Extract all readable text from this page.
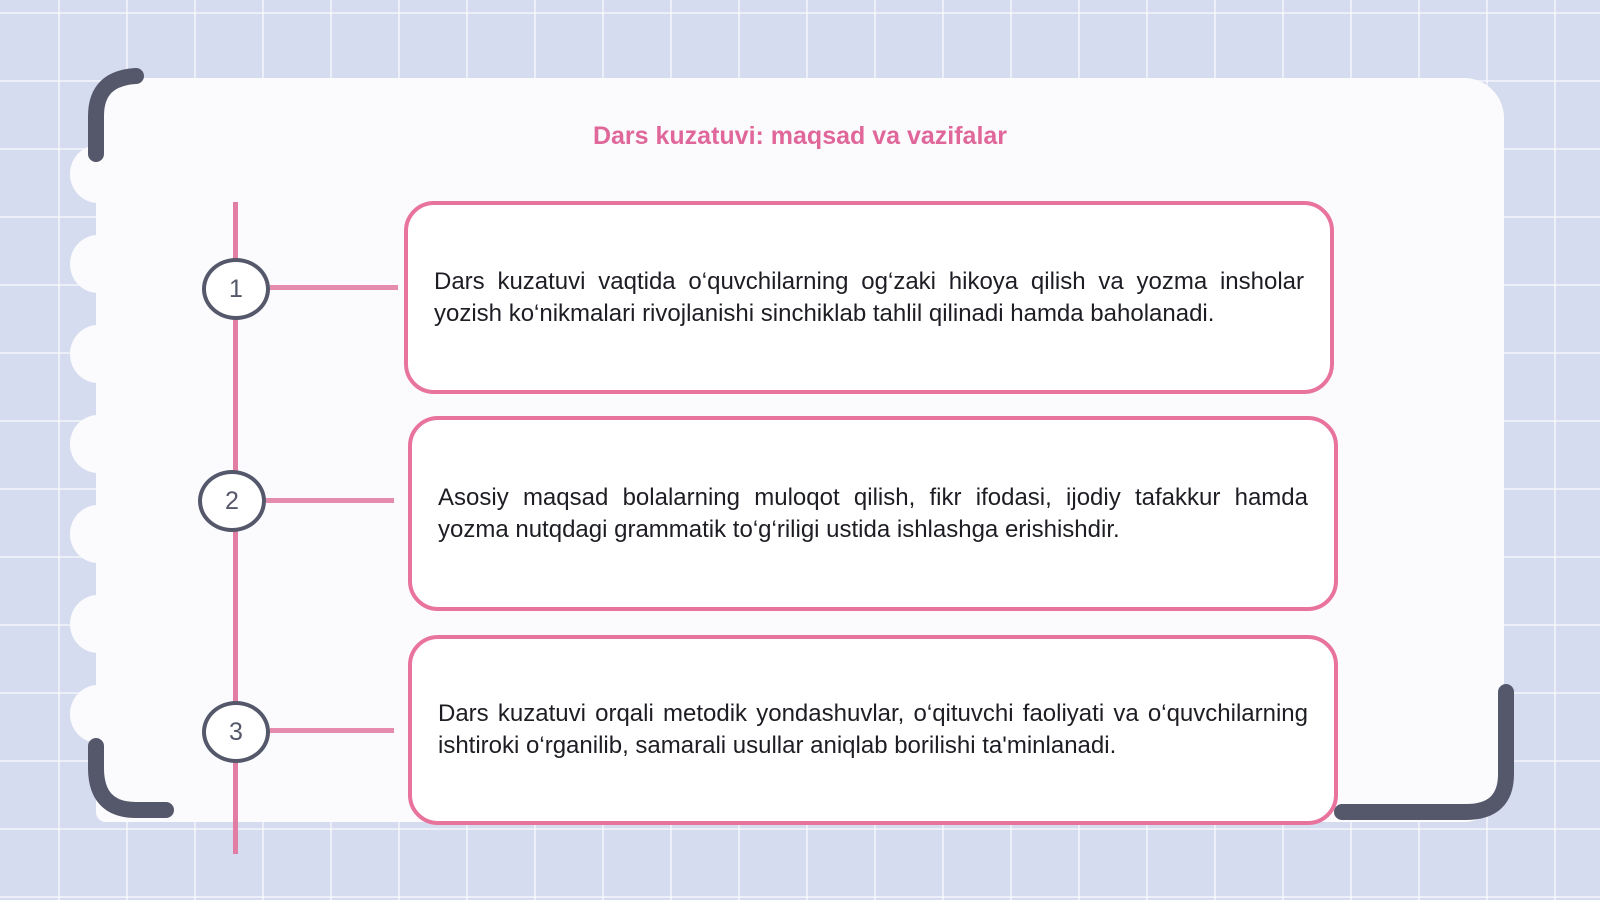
Dars kuzatuvi: maqsad va vazifalar
1	Dars kuzatuvi vaqtida o‘quvchilarning og‘zaki hikoya qilish va yozma insholar yozish ko‘nikmalari rivojlanishi sinchiklab tahlil qilinadi hamda baholanadi.
2	Asosiy maqsad bolalarning muloqot qilish, fikr ifodasi, ijodiy tafakkur hamda yozma nutqdagi grammatik to‘g‘riligi ustida ishlashga erishishdir.
3
Dars kuzatuvi orqali metodik yondashuvlar, o‘qituvchi faoliyati va o‘quvchilarning ishtiroki o‘rganilib, samarali usullar aniqlab borilishi ta'minlanadi.
